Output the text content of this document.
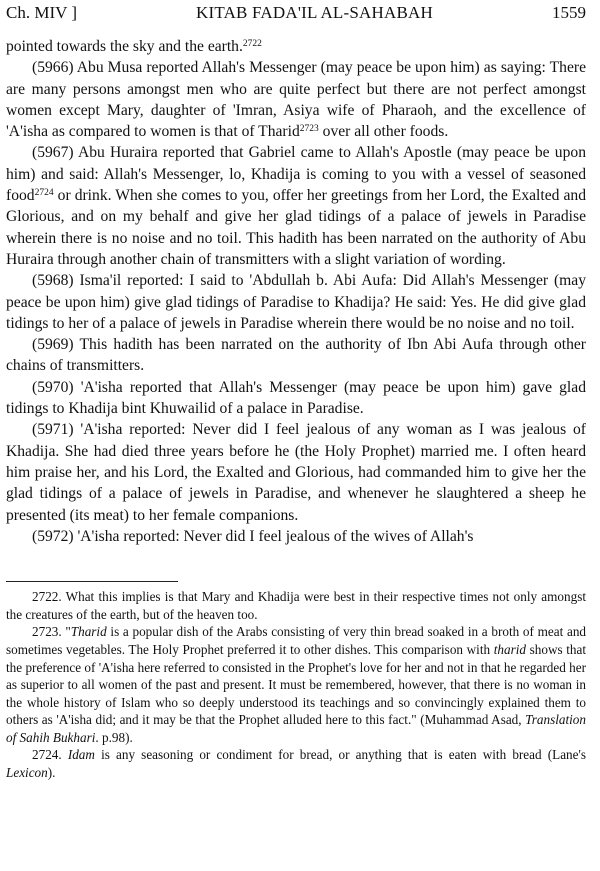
Ch. MIV ]	KITAB FADA'IL AL-SAHABAH	1559

pointed towards the sky and the earth.$^{2722}$

(5966) Abu Musa reported Allah's Messenger (may peace be upon him) as saying: There are many persons amongst men who are quite perfect but there are not perfect amongst women except Mary, daughter of 'Imran, Asiya wife of Pharaoh, and the excellence of 'A'isha as compared to women is that of Tharid$^{2723}$ over all other foods.

(5967) Abu Huraira reported that Gabriel came to Allah's Apostle (may peace be upon him) and said: Allah's Messenger, lo, Khadija is coming to you with a vessel of seasoned food$^{2724}$ or drink. When she comes to you, offer her greetings from her Lord, the Exalted and Glorious, and on my behalf and give her glad tidings of a palace of jewels in Paradise wherein there is no noise and no toil. This hadith has been narrated on the authority of Abu Huraira through another chain of transmitters with a slight variation of wording.

(5968) Isma'il reported: I said to 'Abdullah b. Abi Aufa: Did Allah's Messenger (may peace be upon him) give glad tidings of Paradise to Khadija? He said: Yes. He did give glad tidings to her of a palace of jewels in Paradise wherein there would be no noise and no toil.

(5969) This hadith has been narrated on the authority of Ibn Abi Aufa through other chains of transmitters.

(5970) 'A'isha reported that Allah's Messenger (may peace be upon him) gave glad tidings to Khadija bint Khuwailid of a palace in Paradise.

(5971) 'A'isha reported: Never did I feel jealous of any woman as I was jealous of Khadija. She had died three years before he (the Holy Prophet) married me. I often heard him praise her, and his Lord, the Exalted and Glorious, had commanded him to give her the glad tidings of a palace of jewels in Paradise, and whenever he slaughtered a sheep he presented (its meat) to her female companions.

(5972) 'A'isha reported: Never did I feel jealous of the wives of Allah's

2722. What this implies is that Mary and Khadija were best in their respective times not only amongst the creatures of the earth, but of the heaven too.

2723. "Tharid is a popular dish of the Arabs consisting of very thin bread soaked in a broth of meat and sometimes vegetables. The Holy Prophet preferred it to other dishes. This comparison with tharid shows that the preference of 'A'isha here referred to consisted in the Prophet's love for her and not in that he regarded her as superior to all women of the past and present. It must be remembered, however, that there is no woman in the whole history of Islam who so deeply understood its teachings and so convincingly explained them to others as 'A'isha did; and it may be that the Prophet alluded here to this fact." (Muhammad Asad, Translation of Sahih Bukhari. p.98).

2724. Idam is any seasoning or condiment for bread, or anything that is eaten with bread (Lane's Lexicon).
